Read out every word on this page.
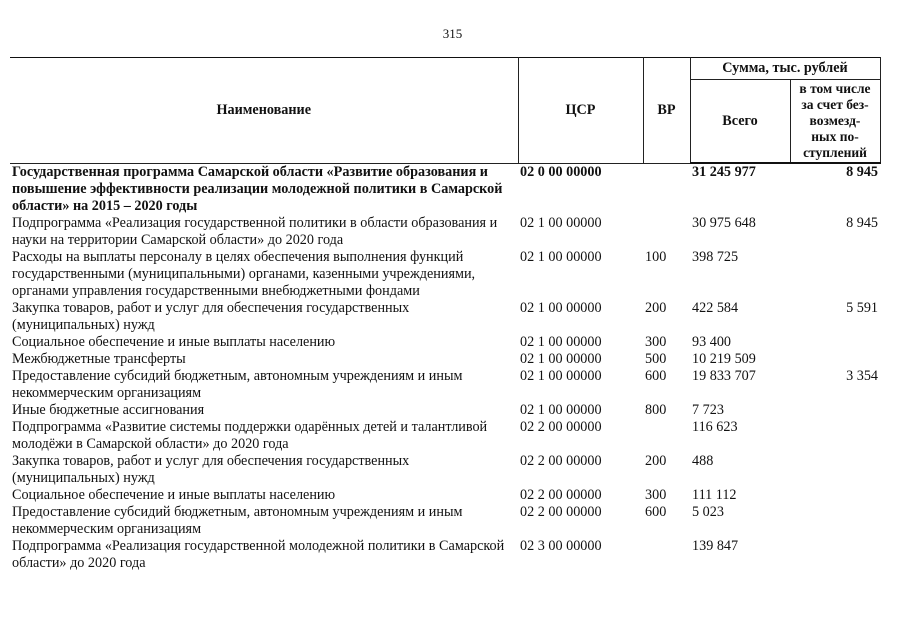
315
Наименование	ЦСР	ВР	Сумма, тыс. рублей	
			Всего	в том числе
за счет без-
возмезд-
ных по-
ступлений
Государственная программа Самарской области «Развитие образования и повышение эффективности реализации молодежной политики в Самарской области» на 2015 – 2020 годы	02 0 00 00000		31 245 977	8 945
Подпрограмма «Реализация государственной политики в области образования и науки на территории Самарской области» до 2020 года	02 1 00 00000		30 975 648	8 945
Расходы на выплаты персоналу в целях обеспечения выполнения функций государственными (муниципальными) органами, казенными учреждениями, органами управления государственными внебюджетными фондами	02 1 00 00000	100	398 725	
Закупка товаров, работ и услуг для обеспечения государственных (муниципальных) нужд	02 1 00 00000	200	422 584	5 591
Социальное обеспечение и иные выплаты населению	02 1 00 00000	300	93 400	
Межбюджетные трансферты	02 1 00 00000	500	10 219 509	
Предоставление субсидий бюджетным, автономным учреждениям и иным некоммерческим организациям	02 1 00 00000	600	19 833 707	3 354
Иные бюджетные ассигнования	02 1 00 00000	800	7 723	
Подпрограмма «Развитие системы поддержки одарённых детей и талантливой молодёжи в Самарской области» до 2020 года	02 2 00 00000		116 623	
Закупка товаров, работ и услуг для обеспечения государственных (муниципальных) нужд	02 2 00 00000	200	488	
Социальное обеспечение и иные выплаты населению	02 2 00 00000	300	111 112	
Предоставление субсидий бюджетным, автономным учреждениям и иным некоммерческим организациям	02 2 00 00000	600	5 023	
Подпрограмма «Реализация государственной молодежной политики в Самарской области» до 2020 года	02 3 00 00000		139 847	
